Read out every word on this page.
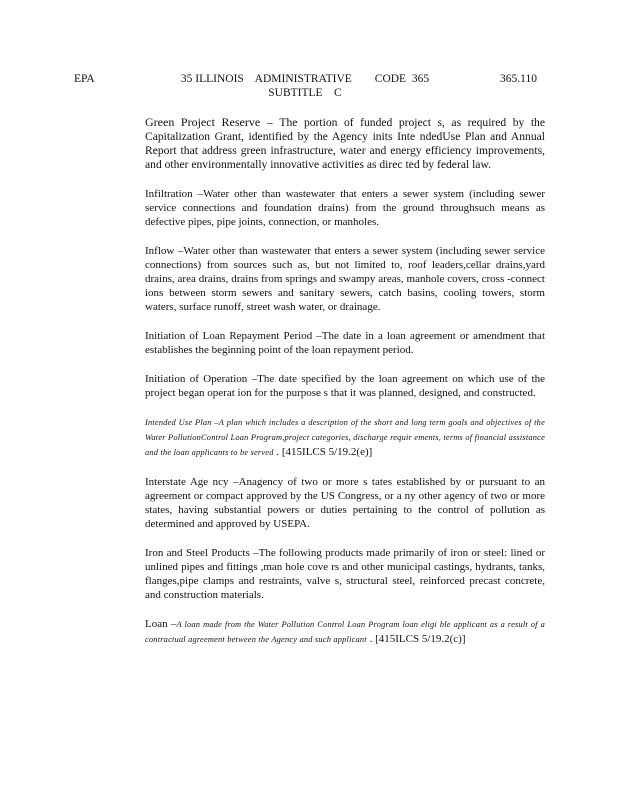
EPA	35 ILLINOIS    ADMINISTRATIVE        CODE  365
SUBTITLE    C
365.110

Green Project Reserve – The portion of funded project s, as required by the Capitalization Grant, identified by the Agency inits Inte ndedUse Plan and Annual Report that address green infrastructure, water and energy efficiency improvements, and other environmentally innovative activities as direc ted by federal law.

Infiltration –Water other than wastewater that enters a sewer system (including sewer service connections and foundation drains) from the ground throughsuch means as defective pipes, pipe joints, connection, or manholes.

Inflow –Water other than wastewater that enters a sewer system (including sewer service connections) from sources such as, but not limited to, roof leaders,cellar drains,yard drains, area drains, drains from springs and swampy areas, manhole covers, cross -connect ions between storm sewers and sanitary sewers, catch basins, cooling towers, storm waters, surface runoff, street wash water, or drainage.

Initiation of Loan Repayment Period –The date in a loan agreement or amendment that establishes the beginning point of the loan repayment period.

Initiation of Operation –The date specified by the loan agreement on which use of the project began operat ion for the purpose s that it was planned, designed, and constructed.

Intended Use Plan –A plan which includes a description of the short and long term goals and objectives of the Water PollutionControl Loan Program,project categories, discharge requir ements, terms of financial assistance and the loan applicants to be served . [415ILCS 5/19.2(e)]

Interstate Age ncy –Anagency of two or more s tates established by or pursuant to an agreement or compact approved by the US Congress, or a ny other agency of two or more states, having substantial powers or duties pertaining to the control of pollution as determined and approved by USEPA.

Iron and Steel Products –The following products made primarily of iron or steel: lined or unlined pipes and fittings ,man hole cove rs and other municipal castings, hydrants, tanks, flanges,pipe clamps and restraints, valve s, structural steel, reinforced precast concrete, and construction materials.

Loan –A loan made from the Water Pollution Control Loan Program loan eligi ble applicant as a result of a contractual agreement between the Agency and such applicant . [415ILCS 5/19.2(c)]
